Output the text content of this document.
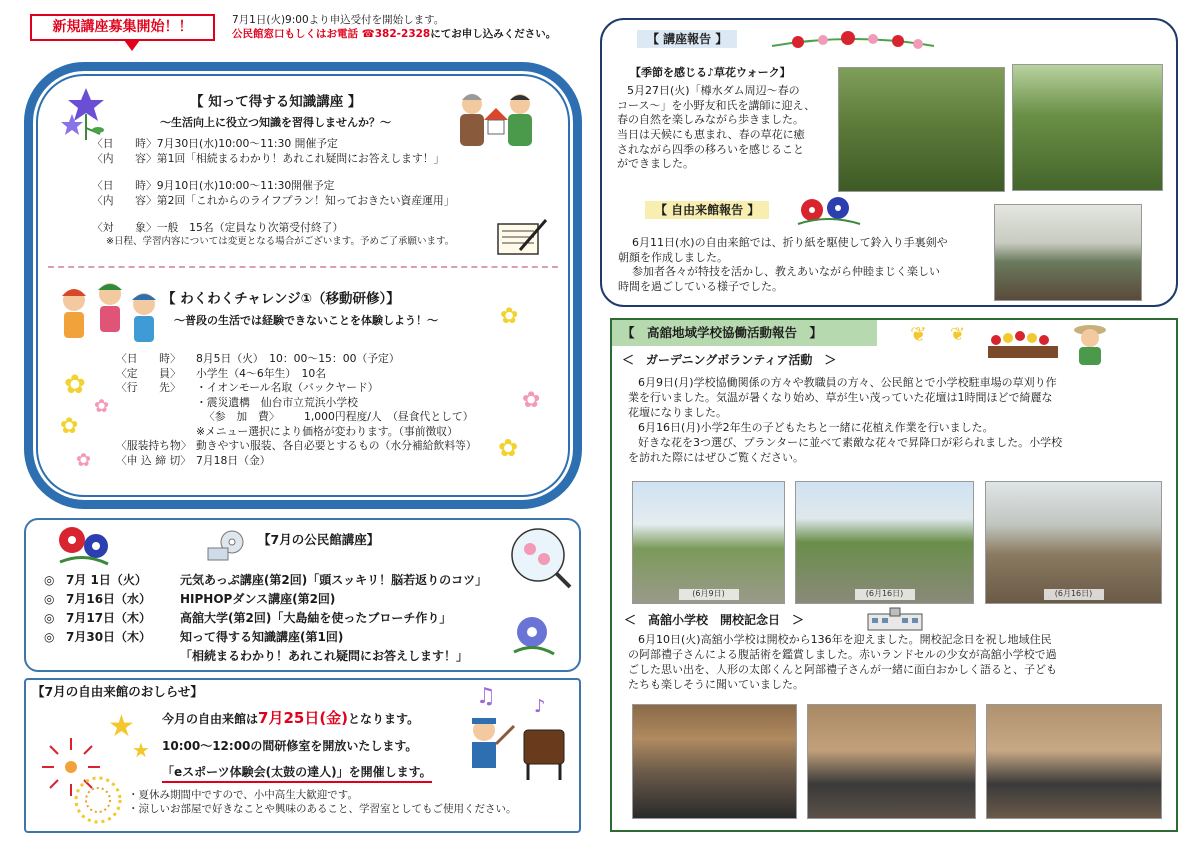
新規講座募集開始！！	7月1日(火)9:00より申込受付を開始します。
公民館窓口もしくはお電話 ☎382-2328にてお申し込みください。
【 知って得する知識講座 】
～生活向上に役立つ知識を習得しませんか？～
〈日　　時〉7月30日(水)10:00～11:30 開催予定
〈内　　容〉第1回「相続まるわかり！あれこれ疑問にお答えします！」
〈日　　時〉9月10日(水)10:00～11:30開催予定
〈内　　容〉第2回「これからのライフプラン！知っておきたい資産運用」
〈対　　象〉一般　15名（定員なり次第受付終了）
※日程、学習内容については変更となる場合がございます。予めご了承願います。
✿
✿
✿
✿
✿
✿
✿
【 わくわくチャレンジ①（移動研修）】
～普段の生活では経験できないことを体験しよう！～
〈日　　時〉 8月5日（火）　10：00～15：00（予定）
〈定　　員〉 小学生（4～6年生）　10名
〈行　　先〉 ・イオンモール名取（バックヤード）
・震災遺構　仙台市立荒浜小学校
〈参　加　費〉 1,000円程度/人　（昼食代として）
※メニュー選択により価格が変わります。（事前徴収）
〈服装持ち物〉 動きやすい服装、各自必要とするもの（水分補給飲料等）
〈申 込 締 切〉 7月18日（金）
【7月の公民館講座】
◎ 7月 1日（火）	元気あっぷ講座(第2回)「頭スッキリ！脳若返りのコツ」
◎ 7月16日（水） HIPHOPダンス講座(第2回)
◎ 7月17日（木） 高舘大学(第2回)「大島紬を使ったブローチ作り」
◎ 7月30日（木） 知って得する知識講座(第1回)
「相続まるわかり！あれこれ疑問にお答えします！」
【7月の自由来館のおしらせ】
★
★
今月の自由来館は7月25日(金)となります。
10:00～12:00の間研修室を開放いたします。
「eスポーツ体験会(太鼓の達人)」を開催します。
♫ ♪
・夏休み期間中ですので、小中高生大歓迎です。
・涼しいお部屋で好きなことや興味のあること、学習室としてもご使用ください。
【 講座報告 】
【季節を感じる♪草花ウォーク】
5月27日(火)「樽水ダム周辺～春の
コース～」を小野友和氏を講師に迎え、
春の自然を楽しみながら歩きました。
当日は天候にも恵まれ、春の草花に癒
されながら四季の移ろいを感じること
ができました。
【 自由来館報告 】
6月11日(水)の自由来館では、折り紙を駆使して鈴入り手裏剣や
朝顔を作成しました。
参加者各々が特技を活かし、教えあいながら仲睦まじく楽しい
時間を過ごしている様子でした。
【　高舘地域学校協働活動報告　】	❦ ❦
＜　ガーデニングボランティア活動　＞
6月9日(月)学校協働関係の方々や教職員の方々、公民館とで小学校駐車場の草刈り作
業を行いました。気温が暑くなり始め、草が生い茂っていた花壇は1時間ほどで綺麗な
花壇になりました。
6月16日(月)小学2年生の子どもたちと一緒に花植え作業を行いました。
好きな花を3つ選び、プランターに並べて素敵な花々で昇降口が彩られました。小学校
を訪れた際にはぜひご覧ください。
(6月9日)	(6月16日)	(6月16日)
＜　高舘小学校　開校記念日　＞
6月10日(火)高舘小学校は開校から136年を迎えました。開校記念日を祝し地域住民
の阿部禮子さんによる腹話術を鑑賞しました。赤いランドセルの少女が高舘小学校で過
ごした思い出を、人形の太郎くんと阿部禮子さんが一緒に面白おかしく語ると、子ども
たちも楽しそうに聞いていました。
